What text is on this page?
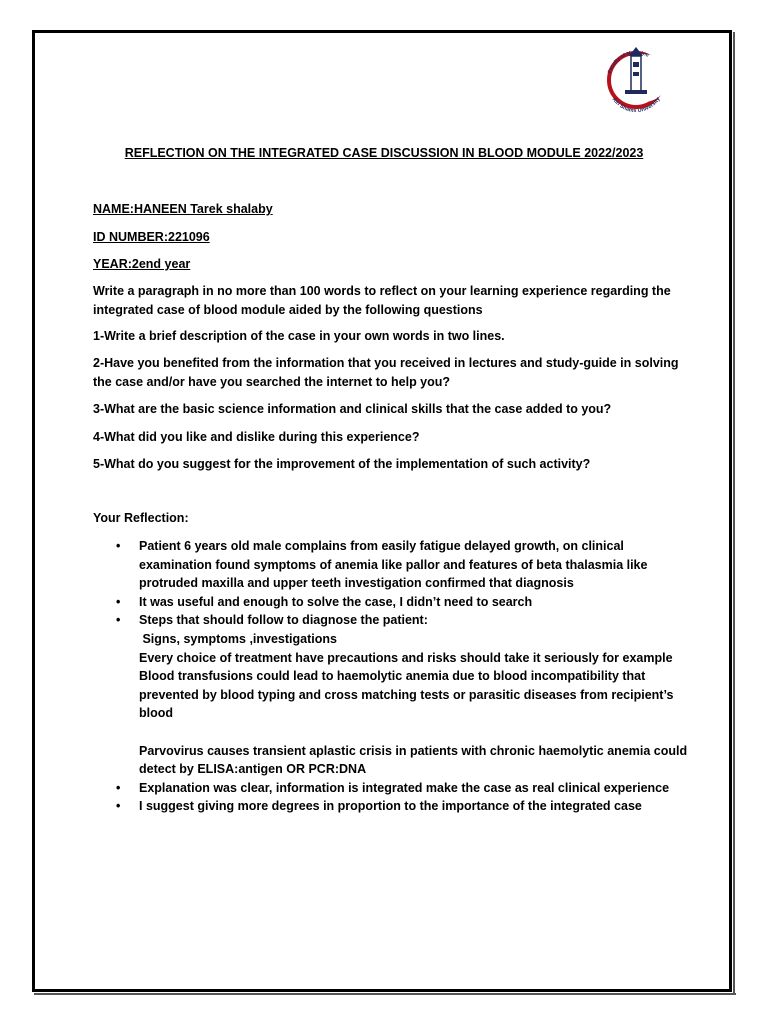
Faculty of Medicine
Ain Shams University
REFLECTION ON THE INTEGRATED CASE DISCUSSION IN BLOOD MODULE 2022/2023
NAME:HANEEN Tarek shalaby
ID NUMBER:221096
YEAR:2end year
Write a paragraph in no more than 100 words to reflect on your learning experience regarding the integrated case of blood module aided by the following questions
1-Write a brief description of the case in your own words in two lines.
2-Have you benefited from the information that you received in lectures and study-guide in solving the case and/or have you searched the internet to help you?
3-What are the basic science information and clinical skills that the case added to you?
4-What did you like and dislike during this experience?
5-What do you suggest for the improvement of the implementation of such activity?
Your Reflection:
• Patient 6 years old male complains from easily fatigue delayed growth, on clinical examination found symptoms of anemia like pallor and features of beta thalasmia like protruded maxilla and upper teeth investigation confirmed that diagnosis
• It was useful and enough to solve the case, I didn’t need to search
• Steps that should follow to diagnose the patient:
Signs, symptoms ,investigations
Every choice of treatment have precautions and risks should take it seriously for example Blood transfusions could lead to haemolytic anemia due to blood incompatibility that prevented by blood typing and cross matching tests or parasitic diseases from recipient’s blood
Parvovirus causes transient aplastic crisis in patients with chronic haemolytic anemia could detect by ELISA:antigen OR PCR:DNA
• Explanation was clear, information is integrated make the case as real clinical experience
• I suggest giving more degrees in proportion to the importance of the integrated case
